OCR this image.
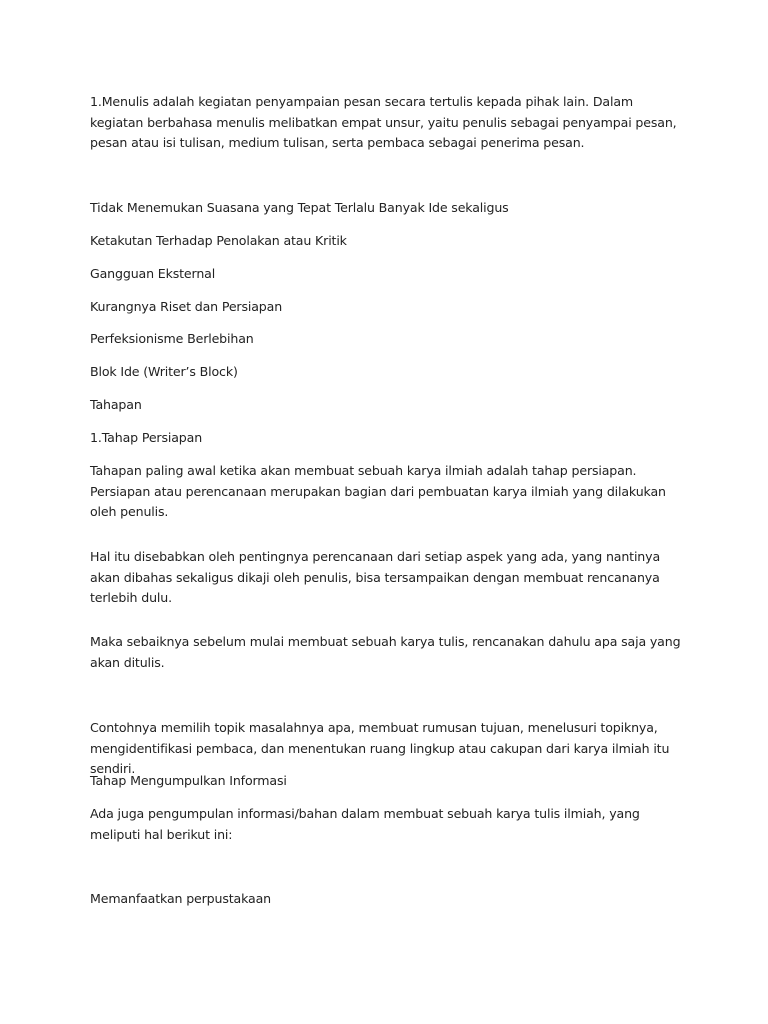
1.Menulis adalah kegiatan penyampaian pesan secara tertulis kepada pihak lain. Dalam kegiatan berbahasa menulis melibatkan empat unsur, yaitu penulis sebagai penyampai pesan, pesan atau isi tulisan, medium tulisan, serta pembaca sebagai penerima pesan.

Tidak Menemukan Suasana yang Tepat Terlalu Banyak Ide sekaligus

Ketakutan Terhadap Penolakan atau Kritik

Gangguan Eksternal

Kurangnya Riset dan Persiapan

Perfeksionisme Berlebihan

Blok Ide (Writer’s Block)

Tahapan

1.Tahap Persiapan

Tahapan paling awal ketika akan membuat sebuah karya ilmiah adalah tahap persiapan. Persiapan atau perencanaan merupakan bagian dari pembuatan karya ilmiah yang dilakukan oleh penulis.

Hal itu disebabkan oleh pentingnya perencanaan dari setiap aspek yang ada, yang nantinya akan dibahas sekaligus dikaji oleh penulis, bisa tersampaikan dengan membuat rencananya terlebih dulu.

Maka sebaiknya sebelum mulai membuat sebuah karya tulis, rencanakan dahulu apa saja yang akan ditulis.

Contohnya memilih topik masalahnya apa, membuat rumusan tujuan, menelusuri topiknya, mengidentifikasi pembaca, dan menentukan ruang lingkup atau cakupan dari karya ilmiah itu sendiri.

Tahap Mengumpulkan Informasi

Ada juga pengumpulan informasi/bahan dalam membuat sebuah karya tulis ilmiah, yang meliputi hal berikut ini:

Memanfaatkan perpustakaan
